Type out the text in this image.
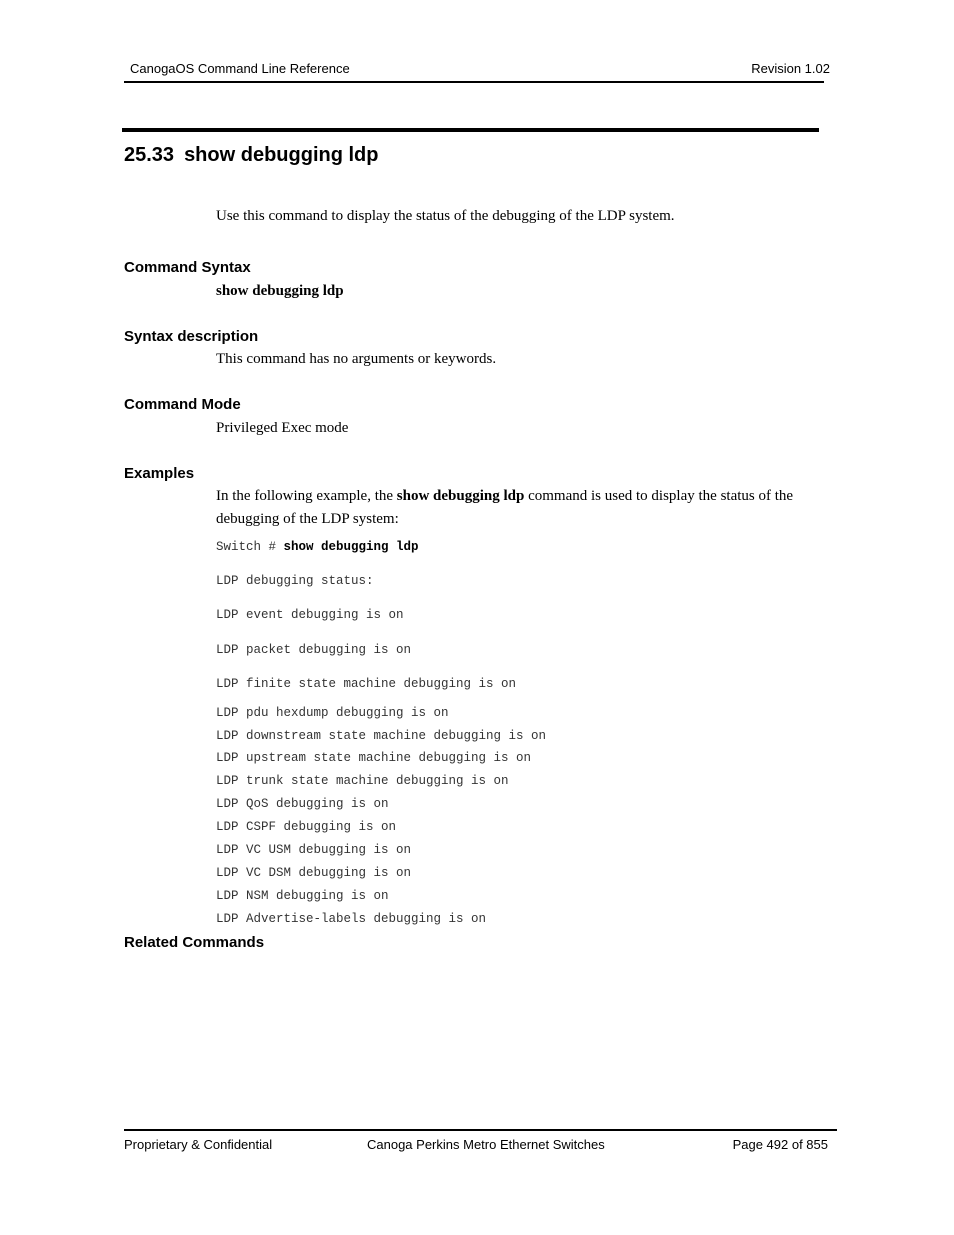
CanogaOS Command Line Reference	Revision 1.02
25.33 show debugging ldp
Use this command to display the status of the debugging of the LDP system.
Command Syntax
show debugging ldp
Syntax description
This command has no arguments or keywords.
Command Mode
Privileged Exec mode
Examples
In the following example, the show debugging ldp command is used to display the status of the debugging of the LDP system:
Switch # show debugging ldp
LDP debugging status:
LDP event debugging is on
LDP packet debugging is on
LDP finite state machine debugging is on
LDP pdu hexdump debugging is on
LDP downstream state machine debugging is on
LDP upstream state machine debugging is on
LDP trunk state machine debugging is on
LDP QoS debugging is on
LDP CSPF debugging is on
LDP VC USM debugging is on
LDP VC DSM debugging is on
LDP NSM debugging is on
LDP Advertise-labels debugging is on
Related Commands
Proprietary & Confidential	Canoga Perkins Metro Ethernet Switches	Page 492 of 855
